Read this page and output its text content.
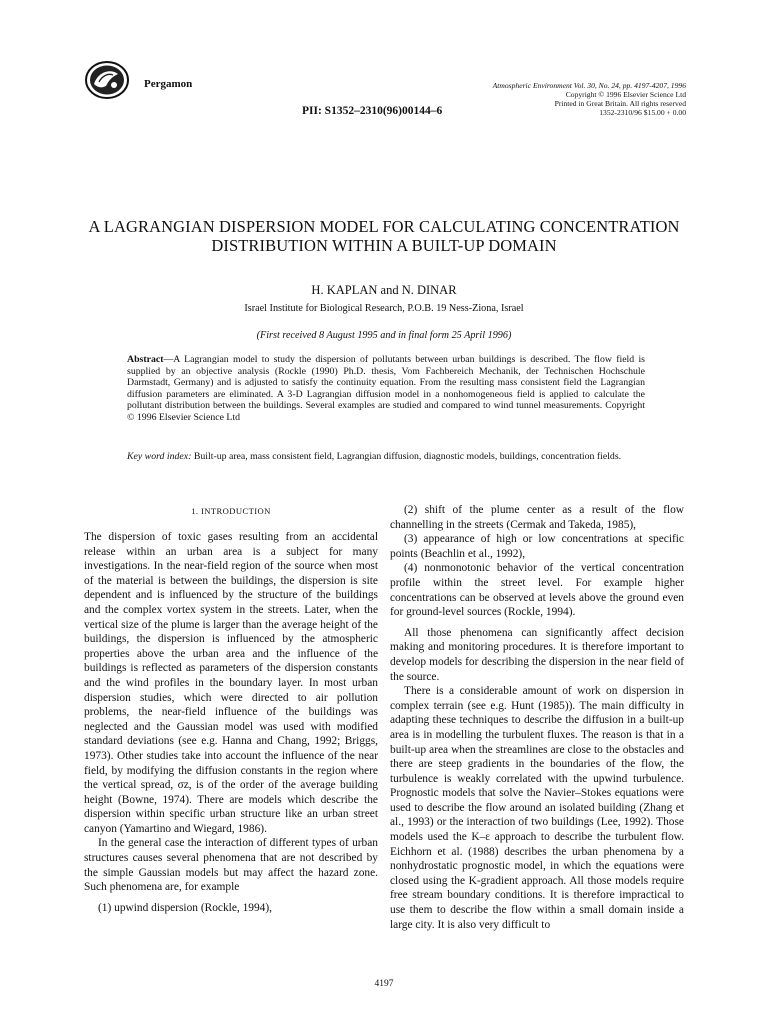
Pergamon
PII: S1352–2310(96)00144–6
Atmospheric Environment Vol. 30, No. 24, pp. 4197-4207, 1996
Copyright © 1996 Elsevier Science Ltd
Printed in Great Britain. All rights reserved
1352-2310/96 $15.00 + 0.00
A LAGRANGIAN DISPERSION MODEL FOR CALCULATING CONCENTRATION DISTRIBUTION WITHIN A BUILT-UP DOMAIN
H. KAPLAN and N. DINAR
Israel Institute for Biological Research, P.O.B. 19 Ness-Ziona, Israel
(First received 8 August 1995 and in final form 25 April 1996)
Abstract—A Lagrangian model to study the dispersion of pollutants between urban buildings is described. The flow field is supplied by an objective analysis (Rockle (1990) Ph.D. thesis, Vom Fachbereich Mechanik, der Technischen Hochschule Darmstadt, Germany) and is adjusted to satisfy the continuity equation. From the resulting mass consistent field the Lagrangian diffusion parameters are eliminated. A 3-D Lagrangian diffusion model in a nonhomogeneous field is applied to calculate the pollutant distribution between the buildings. Several examples are studied and compared to wind tunnel measurements. Copyright © 1996 Elsevier Science Ltd
Key word index: Built-up area, mass consistent field, Lagrangian diffusion, diagnostic models, buildings, concentration fields.
1. INTRODUCTION

The dispersion of toxic gases resulting from an accidental release within an urban area is a subject for many investigations. In the near-field region of the source when most of the material is between the buildings, the dispersion is site dependent and is influenced by the structure of the buildings and the complex vortex system in the streets. Later, when the vertical size of the plume is larger than the average height of the buildings, the dispersion is influenced by the atmospheric properties above the urban area and the influence of the buildings is reflected as parameters of the dispersion constants and the wind profiles in the boundary layer. In most urban dispersion studies, which were directed to air pollution problems, the near-field influence of the buildings was neglected and the Gaussian model was used with modified standard deviations (see e.g. Hanna and Chang, 1992; Briggs, 1973). Other studies take into account the influence of the near field, by modifying the diffusion constants in the region where the vertical spread, σz, is of the order of the average building height (Bowne, 1974). There are models which describe the dispersion within specific urban structure like an urban street canyon (Yamartino and Wiegard, 1986).

In the general case the interaction of different types of urban structures causes several phenomena that are not described by the simple Gaussian models but may affect the hazard zone. Such phenomena are, for example

(1) upwind dispersion (Rockle, 1994),

(2) shift of the plume center as a result of the flow channelling in the streets (Cermak and Takeda, 1985),

(3) appearance of high or low concentrations at specific points (Beachlin et al., 1992),

(4) nonmonotonic behavior of the vertical concentration profile within the street level. For example higher concentrations can be observed at levels above the ground even for ground-level sources (Rockle, 1994).

All those phenomena can significantly affect decision making and monitoring procedures. It is therefore important to develop models for describing the dispersion in the near field of the source.

There is a considerable amount of work on dispersion in complex terrain (see e.g. Hunt (1985)). The main difficulty in adapting these techniques to describe the diffusion in a built-up area is in modelling the turbulent fluxes. The reason is that in a built-up area when the streamlines are close to the obstacles and there are steep gradients in the boundaries of the flow, the turbulence is weakly correlated with the upwind turbulence. Prognostic models that solve the Navier–Stokes equations were used to describe the flow around an isolated building (Zhang et al., 1993) or the interaction of two buildings (Lee, 1992). Those models used the K–ε approach to describe the turbulent flow. Eichhorn et al. (1988) describes the urban phenomena by a nonhydrostatic prognostic model, in which the equations were closed using the K-gradient approach. All those models require free stream boundary conditions. It is therefore impractical to use them to describe the flow within a small domain inside a large city. It is also very difficult to

4197
